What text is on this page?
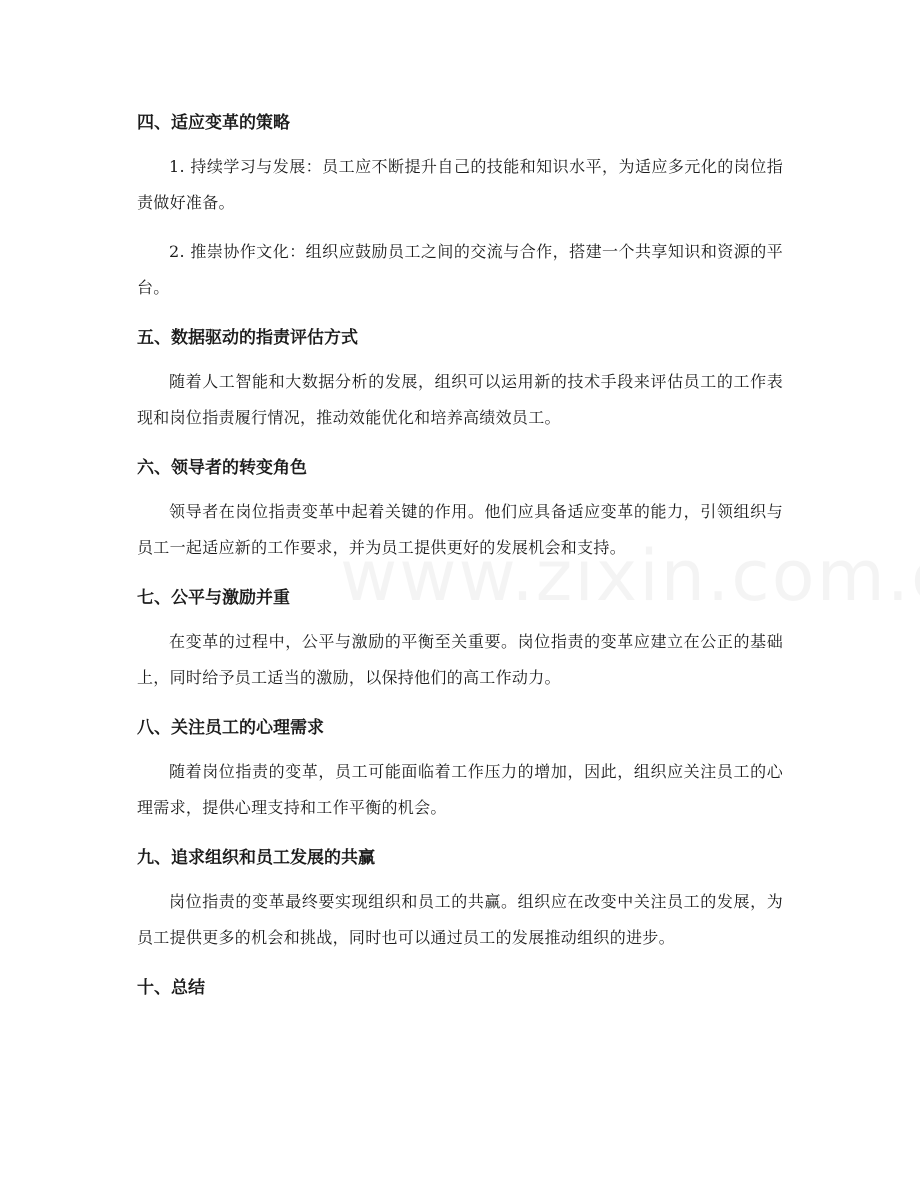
四、适应变革的策略

1. 持续学习与发展：员工应不断提升自己的技能和知识水平，为适应多元化的岗位指责做好准备。

2. 推崇协作文化：组织应鼓励员工之间的交流与合作，搭建一个共享知识和资源的平台。

五、数据驱动的指责评估方式

随着人工智能和大数据分析的发展，组织可以运用新的技术手段来评估员工的工作表现和岗位指责履行情况，推动效能优化和培养高绩效员工。

六、领导者的转变角色

领导者在岗位指责变革中起着关键的作用。他们应具备适应变革的能力，引领组织与员工一起适应新的工作要求，并为员工提供更好的发展机会和支持。

七、公平与激励并重

在变革的过程中，公平与激励的平衡至关重要。岗位指责的变革应建立在公正的基础上，同时给予员工适当的激励，以保持他们的高工作动力。

八、关注员工的心理需求

随着岗位指责的变革，员工可能面临着工作压力的增加，因此，组织应关注员工的心理需求，提供心理支持和工作平衡的机会。

九、追求组织和员工发展的共赢

岗位指责的变革最终要实现组织和员工的共赢。组织应在改变中关注员工的发展，为员工提供更多的机会和挑战，同时也可以通过员工的发展推动组织的进步。

十、总结
